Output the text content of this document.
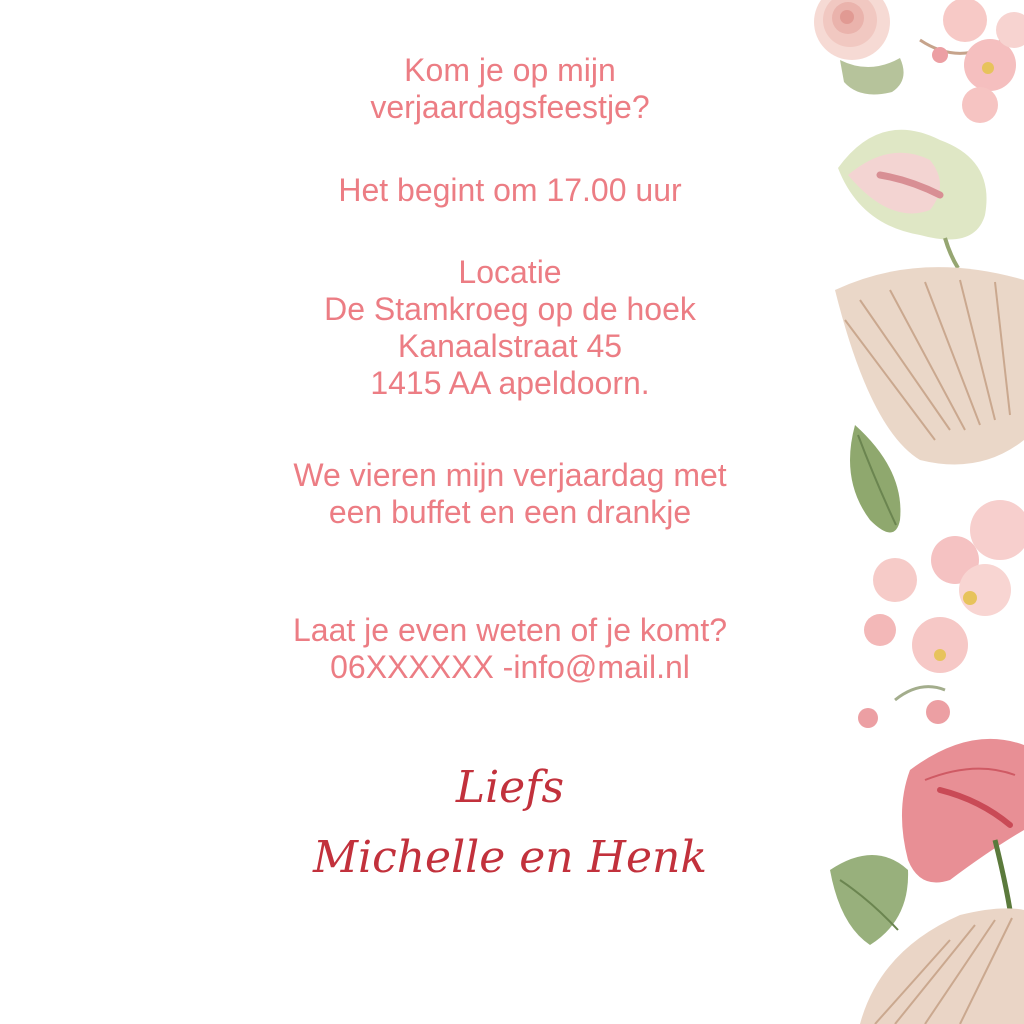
Kom je op mijn
verjaardagsfeestje?
Het begint om 17.00 uur
Locatie
De Stamkroeg op de hoek
Kanaalstraat 45
1415 AA apeldoorn.
We vieren mijn verjaardag met
een buffet en een drankje
Laat je even weten of je komt?
06XXXXXX -info@mail.nl
Liefs
Michelle en Henk
